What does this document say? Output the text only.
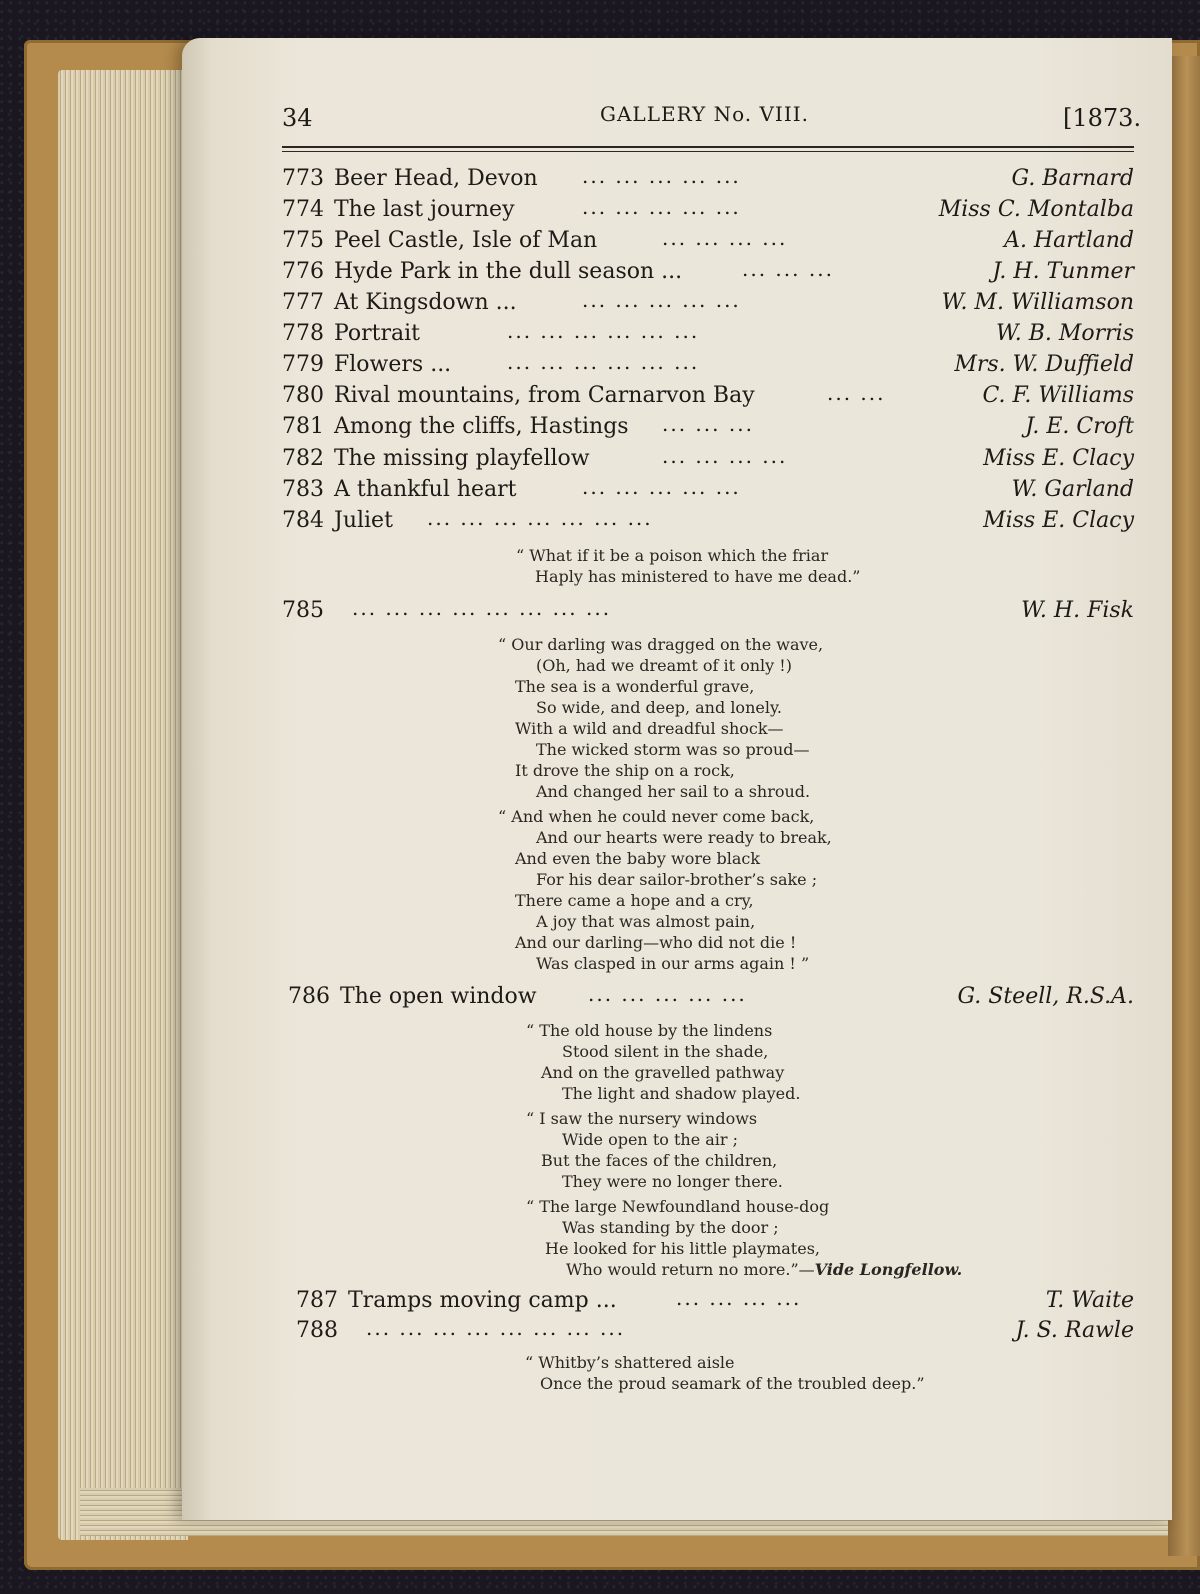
34	GALLERY No. VIII.	[1873.
773 Beer Head, Devon ... ... ... ... ...	G. Barnard
774 The last journey	... ... ... ... ...	Miss C. Montalba
775 Peel Castle, Isle of Man	... ... ... ...	A. Hartland
776 Hyde Park in the dull season ...	... ... ...	J. H. Tunmer
777 At Kingsdown ...	... ... ... ... ...	W. M. Williamson
778 Portrait	... ... ... ... ... ...	W. B. Morris
779 Flowers ...	... ... ... ... ... ...	Mrs. W. Duffield
780 Rival mountains, from Carnarvon Bay	... ...	C. F. Williams
781 Among the cliffs, Hastings ... ... ...	J. E. Croft
782 The missing playfellow	... ... ... ...	Miss E. Clacy
783 A thankful heart	... ... ... ... ...	W. Garland
784 Juliet ... ... ... ... ... ... ...	Miss E. Clacy
“ What if it be a poison which the friar
Haply has ministered to have me dead.”
785 ... ... ... ... ... ... ... ...	W. H. Fisk
“ Our darling was dragged on the wave,
(Oh, had we dreamt of it only !)
The sea is a wonderful grave,
So wide, and deep, and lonely.
With a wild and dreadful shock—
The wicked storm was so proud—
It drove the ship on a rock,
And changed her sail to a shroud.
“ And when he could never come back,
And our hearts were ready to break,
And even the baby wore black
For his dear sailor-brother’s sake ;
There came a hope and a cry,
A joy that was almost pain,
And our darling—who did not die !
Was clasped in our arms again ! ”
786 The open window	... ... ... ... ...	G. Steell, R.S.A.
“ The old house by the lindens
Stood silent in the shade,
And on the gravelled pathway
The light and shadow played.
“ I saw the nursery windows
Wide open to the air ;
But the faces of the children,
They were no longer there.
“ The large Newfoundland house-dog
Was standing by the door ;
He looked for his little playmates,
Who would return no more.”—Vide Longfellow.
787 Tramps moving camp ...	... ... ... ...	T. Waite
788 ... ... ... ... ... ... ... ...	J. S. Rawle
“ Whitby’s shattered aisle
Once the proud seamark of the troubled deep.”
